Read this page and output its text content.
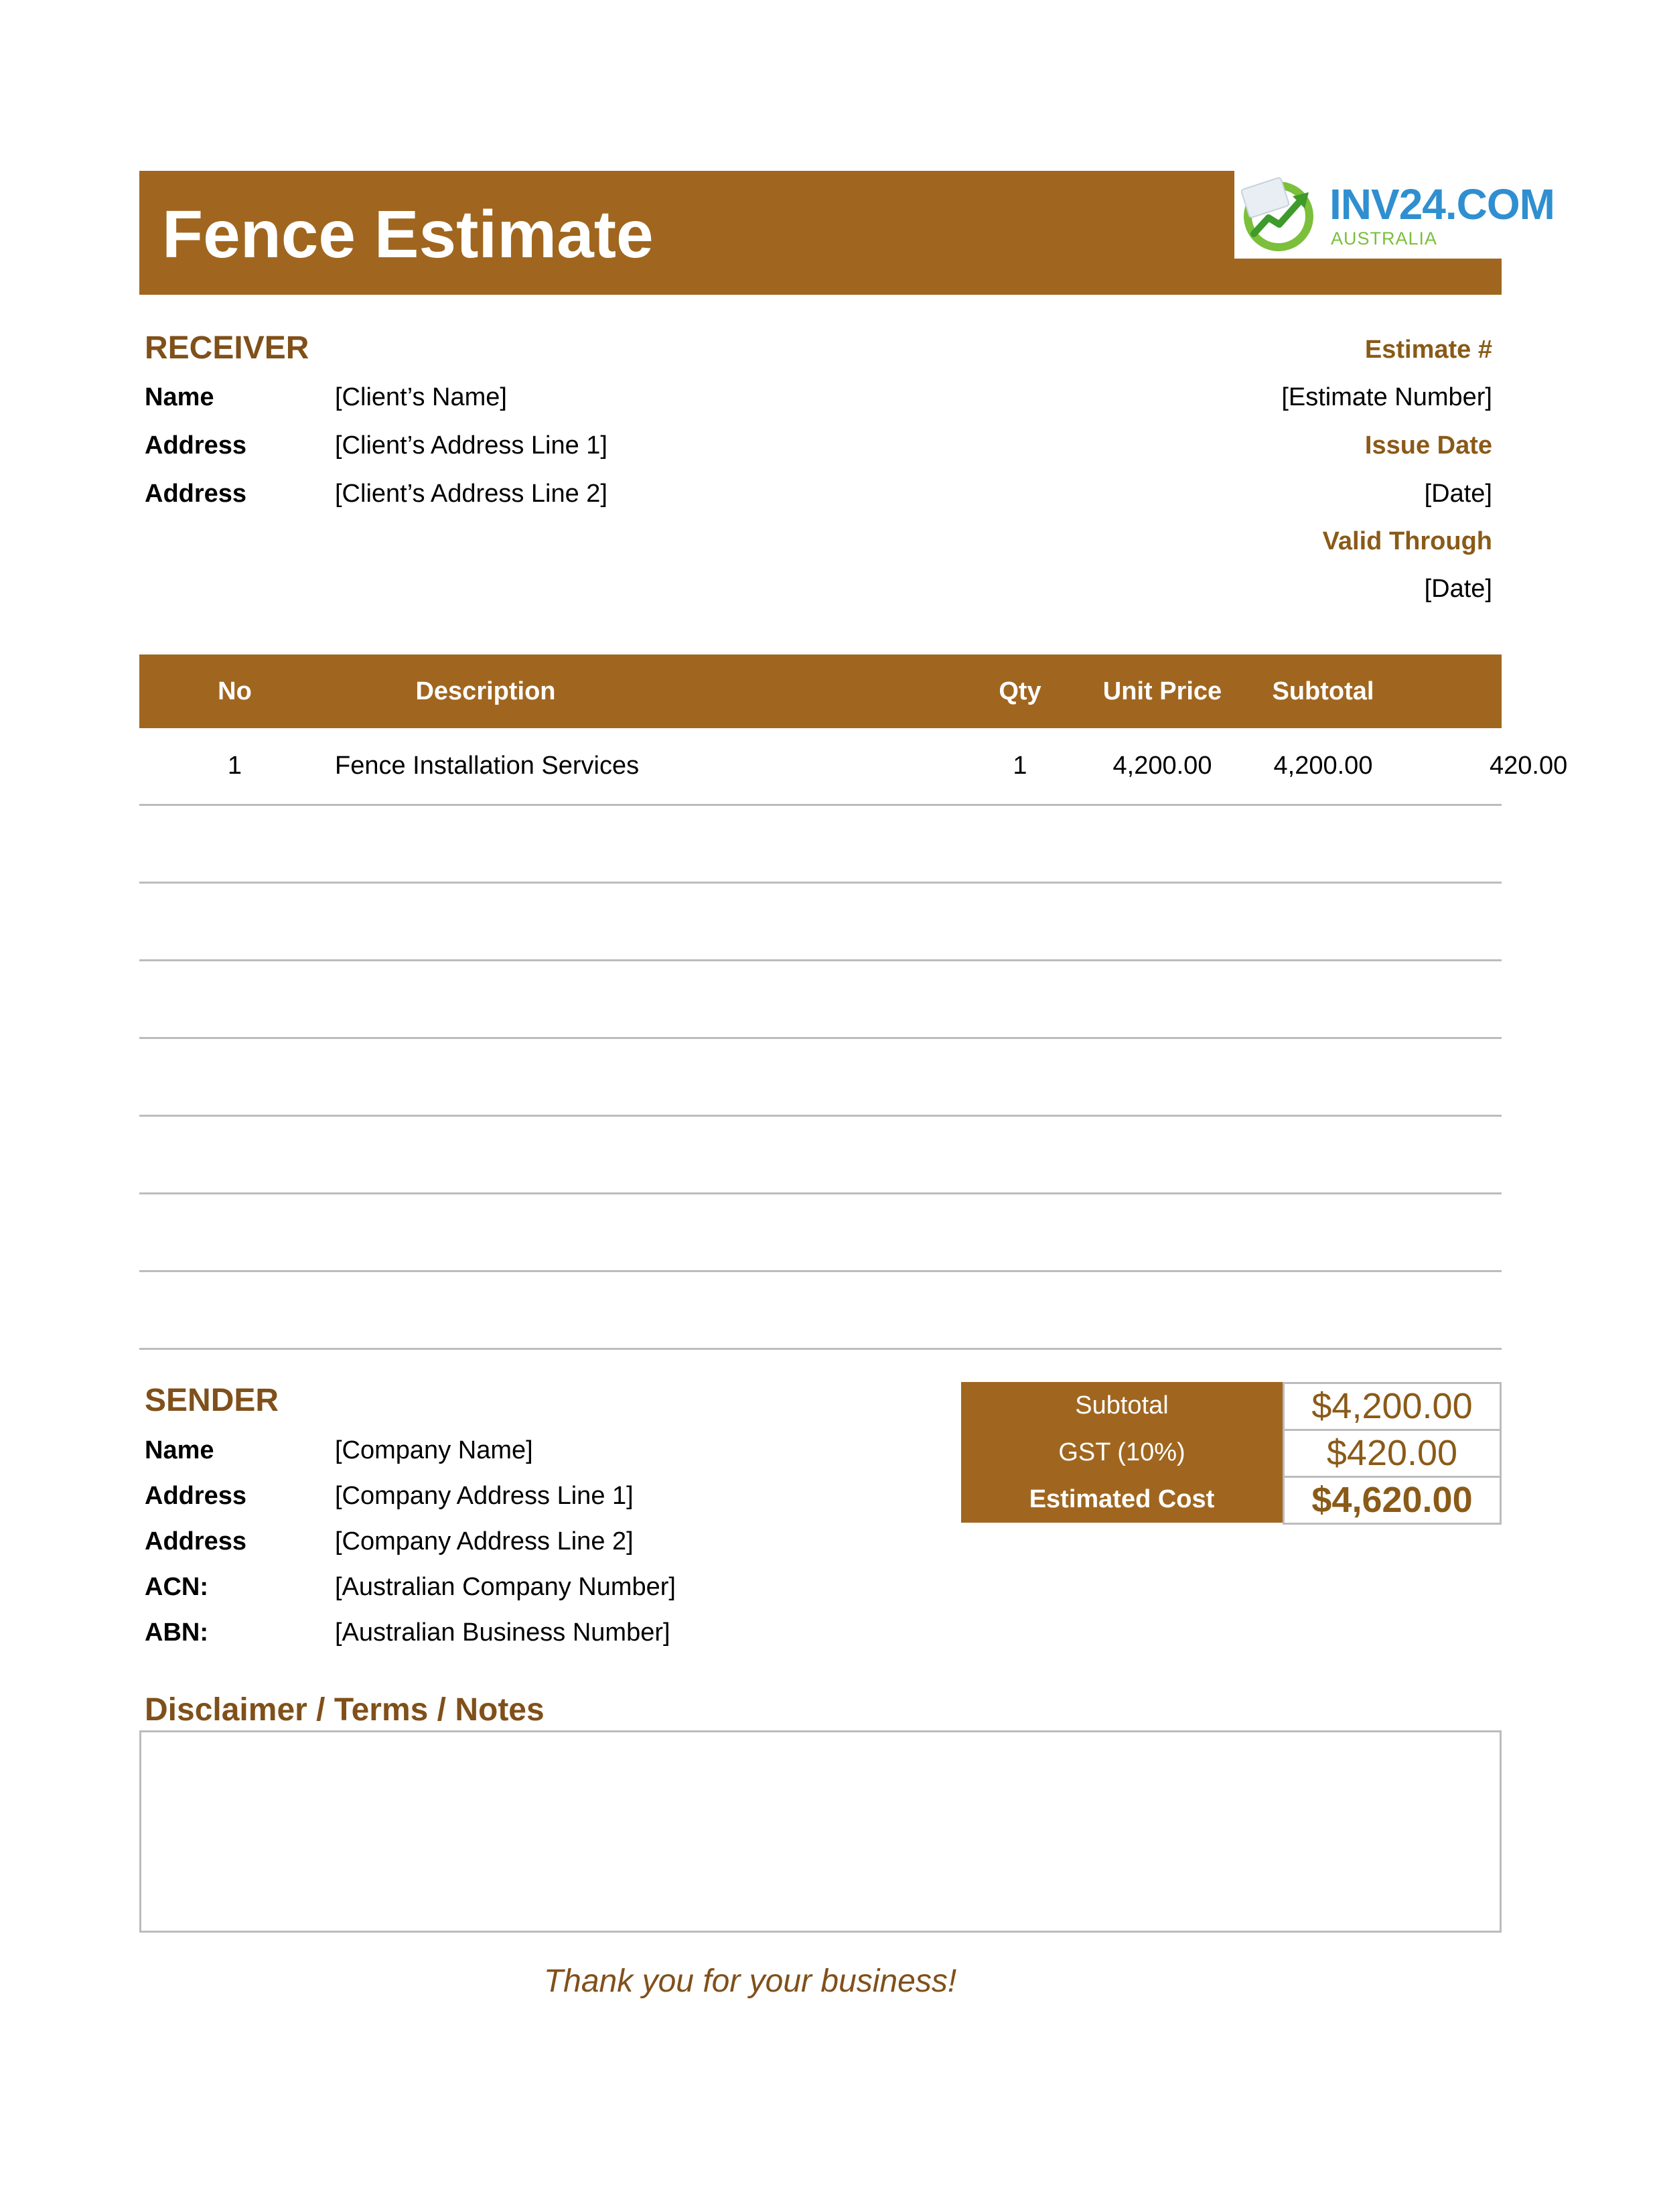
Fence Estimate	INV24.COM
AUSTRALIA
RECEIVER
Name	[Client’s Name]
Address	[Client’s Address Line 1]
Address	[Client’s Address Line 2]
Estimate #
[Estimate Number]
Issue Date
[Date]
Valid Through
[Date]
No	Description	Qty	Unit Price	Subtotal	GST
1	Fence Installation Services	1	4,200.00	4,200.00	420.00
SENDER
Name	[Company Name]
Address	[Company Address Line 1]
Address	[Company Address Line 2]
ACN:	[Australian Company Number]
ABN:	[Australian Business Number]
Subtotal	$4,200.00
GST (10%)	$420.00
Estimated Cost	$4,620.00
Disclaimer / Terms / Notes
Thank you for your business!
